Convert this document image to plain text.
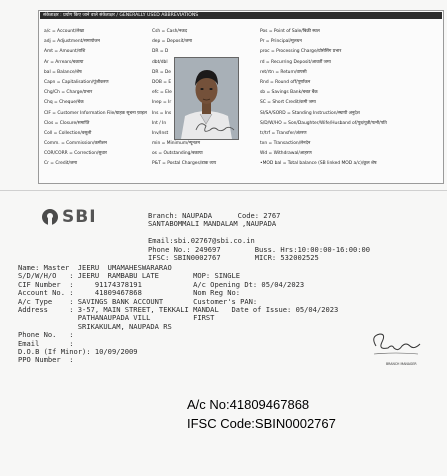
संकेताक्षर : प्रयोग किए जाने वाले संकेताक्षर / GENERALLY USED ABBREVIATIONS
a/c = Account/लेखा
adj = Adjustment/समायोजन
Amt = Amount/राशि
Ar = Arrears/बकाया
bal = Balance/शेष
Capn = Capitalisation/पूंजीकरण
Chg/Ch = Charge/प्रभार
Chq = Cheque/चेक
CIF = Customer Information File/ग्राहक सूचना फ़ाइल
Clos = Closure/समाप्ति
Coll = Collection/वसूली
Comm. = Commission/कमीशन
COR/CORR = Correction/सुधार
Cr = Credit/जमा
Csh = Cash/नकद
dep = Deposit/जमा
DR = D
dbt/dbl
DR = De
DOB = E
efc = Ele
Inep = Ir
Ins = Ins
Int / In
Inv/Inst
min = Minimum/न्यूनतम
os = Outstanding/बकाया
P&T = Postal Charges/डाक व्यय
Pos = Point of Sale/बिक्री स्थल
Pr = Principal/मूलधन
proc = Processing Charge/प्रोसेसिंग प्रभार
rd = Recurring Deposit/आवर्ती जमा
ret/rtn = Return/वापसी
Rnd = Round off/पूर्णांकन
sb = Savings Bank/बचत बैंक
SC = Short Credit/कमी जमा
SI/SA/SORD = Standing Instruction/स्थायी अनुदेश
S/D/W/HO = Son/Daughter/Wife/Husband of/पुत्र/पुत्री/पत्नी/पति
tr/trf = Transfer/अंतरण
txn = Transaction/लेनदेन
Wd = Withdrawal/आहरण
•MOD bal = Total balance (SB linked MOD a/c)/कुल शेष
SBI	Branch: NAUPADA      Code: 2767
SANTABOMMALI MANDALAM ,NAUPADA

Email:sbi.02767@sbi.co.in
Phone No.: 249697        Buss. Hrs:10:00:00-16:00:00
IFSC: SBIN0002767        MICR: 532002525
Name: Master  JEERU  UMAMAHESWARARAO
S/D/W/H/O   : JEERU  RAMBABU LATE        MOP: SINGLE
CIF Number  :     91174378191            A/c Opening Dt: 05/04/2023
Account No. :     41809467868            Nom Reg No:
A/c Type    : SAVINGS BANK ACCOUNT       Customer's PAN:
Address     : 3-57, MAIN STREET, TEKKALI MANDAL   Date of Issue: 05/04/2023
PATHANAUPADA VILL          FIRST
SRIKAKULAM, NAUPADA RS
Phone No.   :
Email       :
D.O.B (If Minor): 10/09/2009
PPO Number  :	BRANCH MANAGER
A/c No:41809467868
IFSC Code:SBIN0002767
